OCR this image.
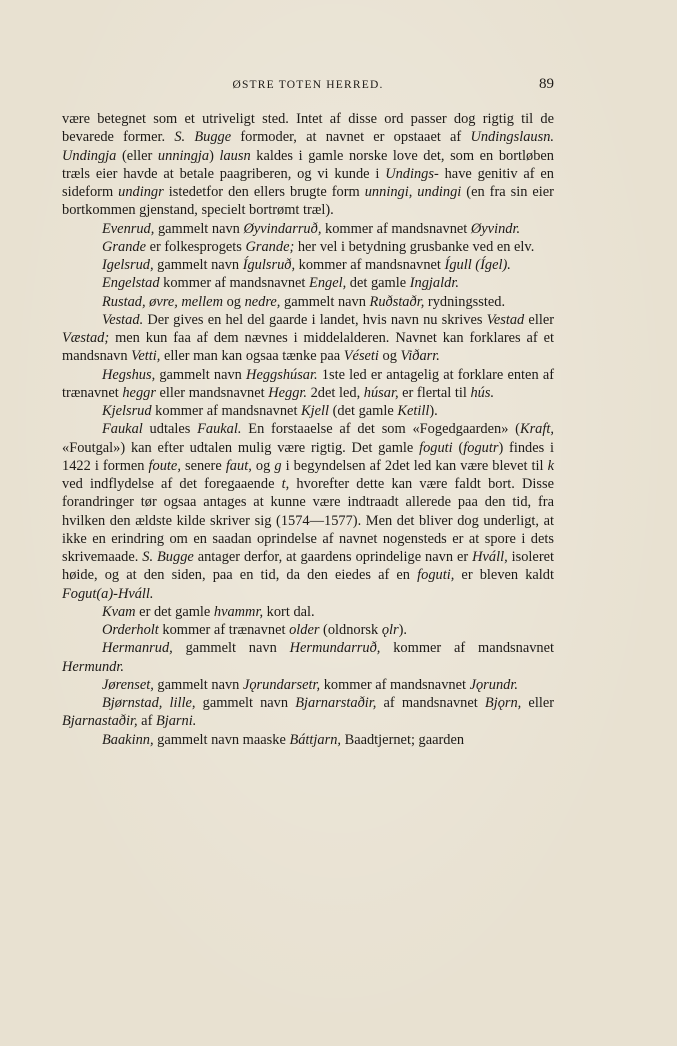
ØSTRE TOTEN HERRED.	89

være betegnet som et utriveligt sted. Intet af disse ord passer dog rigtig til de bevarede former. S. Bugge formoder, at navnet er opstaaet af Undingslausn. Undingja (eller unningja) lausn kaldes i gamle norske love det, som en bortløben træls eier havde at betale paagriberen, og vi kunde i Undings- have genitiv af en sideform undingr istedetfor den ellers brugte form unningi, undingi (en fra sin eier bortkommen gjenstand, specielt bortrømt træl).

Evenrud, gammelt navn Øyvindarruð, kommer af mandsnavnet Øyvindr.

Grande er folkesprogets Grande; her vel i betydning grusbanke ved en elv.

Igelsrud, gammelt navn Ígulsruð, kommer af mandsnavnet Ígull (Ígel).

Engelstad kommer af mandsnavnet Engel, det gamle Ingjaldr.

Rustad, øvre, mellem og nedre, gammelt navn Ruðstaðr, rydningssted.

Vestad. Der gives en hel del gaarde i landet, hvis navn nu skrives Vestad eller Væstad; men kun faa af dem nævnes i middelalderen. Navnet kan forklares af et mandsnavn Vetti, eller man kan ogsaa tænke paa Véseti og Viðarr.

Hegshus, gammelt navn Heggshúsar. 1ste led er antagelig at forklare enten af trænavnet heggr eller mandsnavnet Heggr. 2det led, húsar, er flertal til hús.

Kjelsrud kommer af mandsnavnet Kjell (det gamle Ketill).

Faukal udtales Faukal. En forstaaelse af det som «Fogedgaarden» (Kraft, «Foutgal») kan efter udtalen mulig være rigtig. Det gamle foguti (fogutr) findes i 1422 i formen foute, senere faut, og g i begyndelsen af 2det led kan være blevet til k ved indflydelse af det foregaaende t, hvorefter dette kan være faldt bort. Disse forandringer tør ogsaa antages at kunne være indtraadt allerede paa den tid, fra hvilken den ældste kilde skriver sig (1574—1577). Men det bliver dog underligt, at ikke en erindring om en saadan oprindelse af navnet nogensteds er at spore i dets skrivemaade. S. Bugge antager derfor, at gaardens oprindelige navn er Hváll, isoleret høide, og at den siden, paa en tid, da den eiedes af en foguti, er bleven kaldt Fogut(a)-Hváll.

Kvam er det gamle hvammr, kort dal.

Orderholt kommer af trænavnet older (oldnorsk ǫlr).

Hermanrud, gammelt navn Hermundarruð, kommer af mandsnavnet Hermundr.

Jørenset, gammelt navn Jǫrundarsetr, kommer af mandsnavnet Jǫrundr.

Bjørnstad, lille, gammelt navn Bjarnarstaðir, af mandsnavnet Bjǫrn, eller Bjarnastaðir, af Bjarni.

Baakinn, gammelt navn maaske Báttjarn, Baadtjernet; gaarden
